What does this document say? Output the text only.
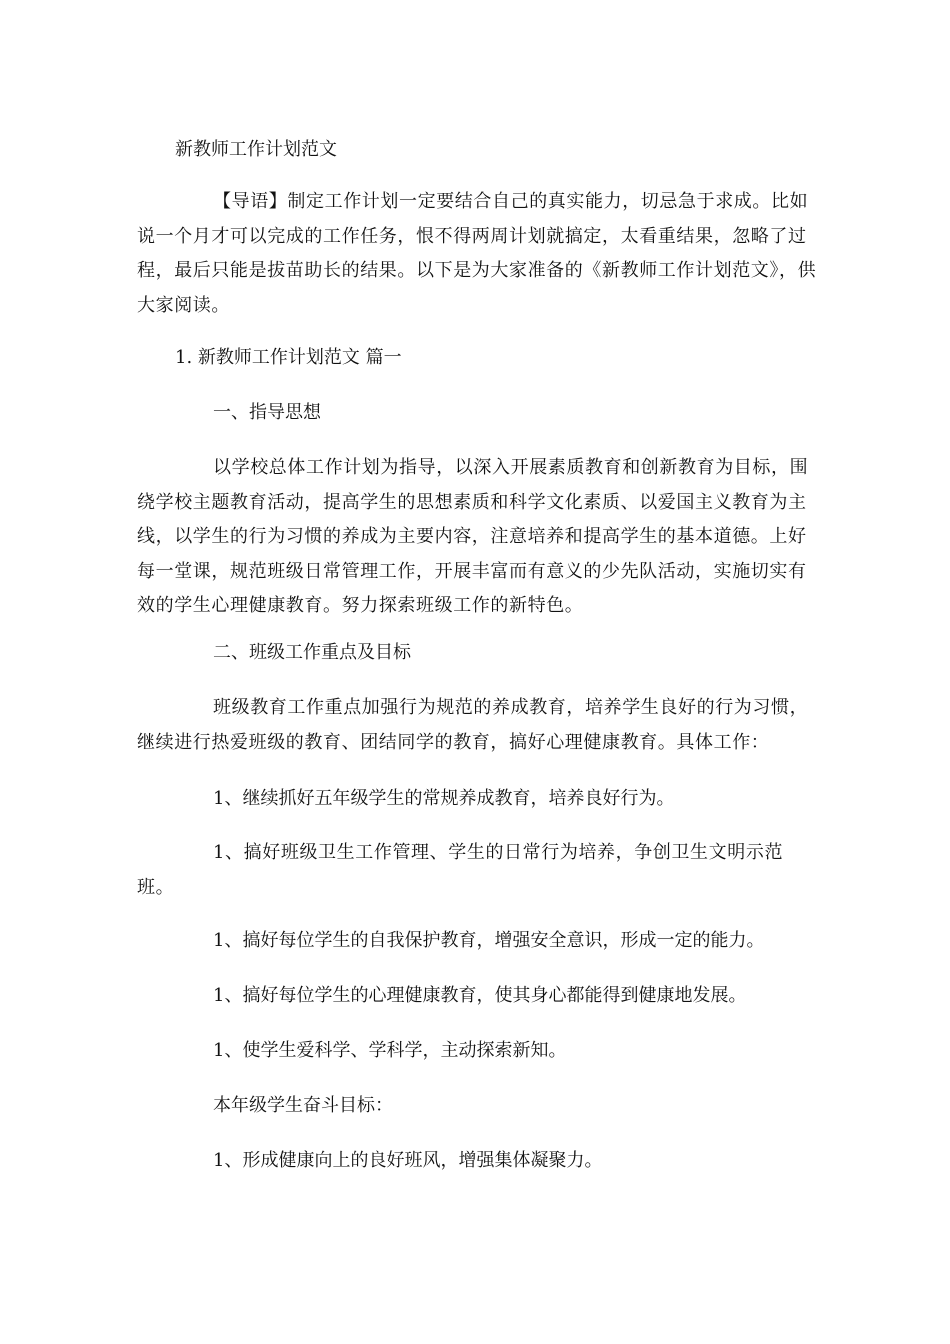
新教师工作计划范文
【导语】制定工作计划一定要结合自己的真实能力，切忌急于求成。比如说一个月才可以完成的工作任务，恨不得两周计划就搞定，太看重结果，忽略了过程，最后只能是拔苗助长的结果。以下是为大家准备的《新教师工作计划范文》，供大家阅读。
1. 新教师工作计划范文 篇一
一、指导思想
以学校总体工作计划为指导，以深入开展素质教育和创新教育为目标，围绕学校主题教育活动，提高学生的思想素质和科学文化素质、以爱国主义教育为主线，以学生的行为习惯的养成为主要内容，注意培养和提高学生的基本道德。上好每一堂课，规范班级日常管理工作，开展丰富而有意义的少先队活动，实施切实有效的学生心理健康教育。努力探索班级工作的新特色。
二、班级工作重点及目标
班级教育工作重点加强行为规范的养成教育，培养学生良好的行为习惯，继续进行热爱班级的教育、团结同学的教育，搞好心理健康教育。具体工作：
1、继续抓好五年级学生的常规养成教育，培养良好行为。
1、搞好班级卫生工作管理、学生的日常行为培养，争创卫生文明示范班。
1、搞好每位学生的自我保护教育，增强安全意识，形成一定的能力。
1、搞好每位学生的心理健康教育，使其身心都能得到健康地发展。
1、使学生爱科学、学科学，主动探索新知。
本年级学生奋斗目标：
1、形成健康向上的良好班风，增强集体凝聚力。
